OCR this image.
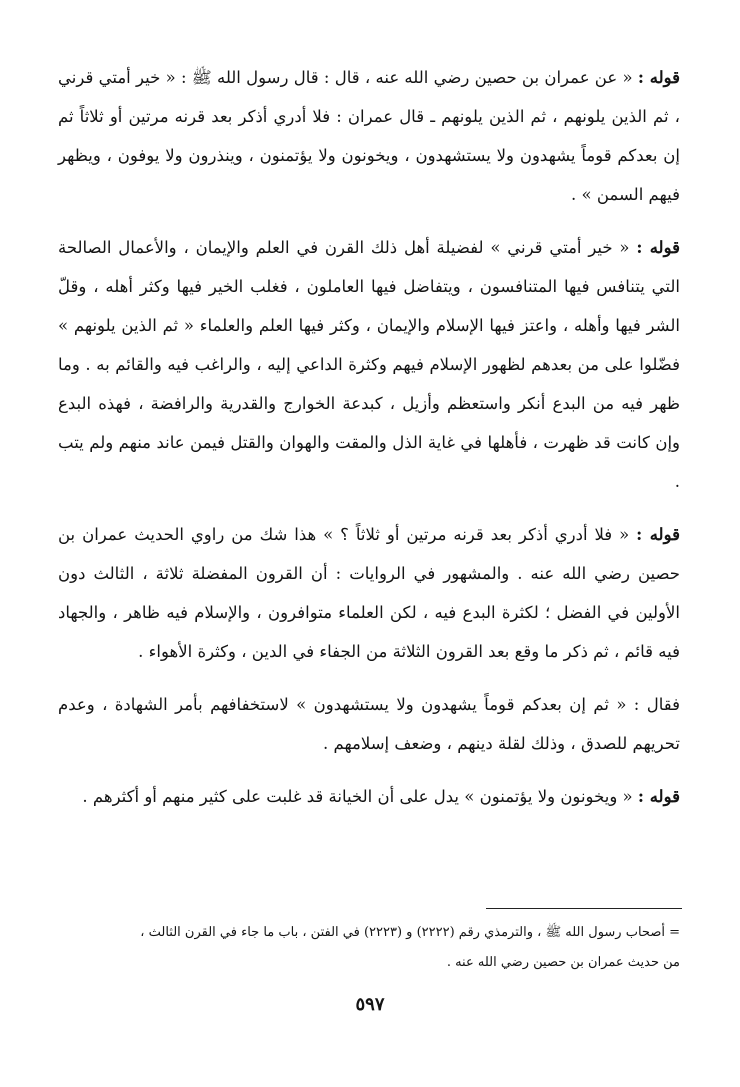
قوله : « عن عمران بن حصين رضي الله عنه ، قال : قال رسول الله ﷺ : « خير أمتي قرني ، ثم الذين يلونهم ، ثم الذين يلونهم ـ قال عمران : فلا أدري أذكر بعد قرنه مرتين أو ثلاثاً ثم إن بعدكم قوماً يشهدون ولا يستشهدون ، ويخونون ولا يؤتمنون ، وينذرون ولا يوفون ، ويظهر فيهم السمن » .

قوله : « خير أمتي قرني » لفضيلة أهل ذلك القرن في العلم والإيمان ، والأعمال الصالحة التي يتنافس فيها المتنافسون ، ويتفاضل فيها العاملون ، فغلب الخير فيها وكثر أهله ، وقلّ الشر فيها وأهله ، واعتز فيها الإسلام والإيمان ، وكثر فيها العلم والعلماء « ثم الذين يلونهم » فضّلوا على من بعدهم لظهور الإسلام فيهم وكثرة الداعي إليه ، والراغب فيه والقائم به . وما ظهر فيه من البدع أنكر واستعظم وأزيل ، كبدعة الخوارج والقدرية والرافضة ، فهذه البدع وإن كانت قد ظهرت ، فأهلها في غاية الذل والمقت والهوان والقتل فيمن عاند منهم ولم يتب .

قوله : « فلا أدري أذكر بعد قرنه مرتين أو ثلاثاً ؟ » هذا شك من راوي الحديث عمران بن حصين رضي الله عنه . والمشهور في الروايات : أن القرون المفضلة ثلاثة ، الثالث دون الأولين في الفضل ؛ لكثرة البدع فيه ، لكن العلماء متوافرون ، والإسلام فيه ظاهر ، والجهاد فيه قائم ، ثم ذكر ما وقع بعد القرون الثلاثة من الجفاء في الدين ، وكثرة الأهواء .

فقال : « ثم إن بعدكم قوماً يشهدون ولا يستشهدون » لاستخفافهم بأمر الشهادة ، وعدم تحريهم للصدق ، وذلك لقلة دينهم ، وضعف إسلامهم .

قوله : « ويخونون ولا يؤتمنون » يدل على أن الخيانة قد غلبت على كثير منهم أو أكثرهم .

= أصحاب رسول الله ﷺ ، والترمذي رقم (٢٢٢٢) و (٢٢٢٣) في الفتن ، باب ما جاء في القرن الثالث ،

من حديث عمران بن حصين رضي الله عنه .

٥٩٧
